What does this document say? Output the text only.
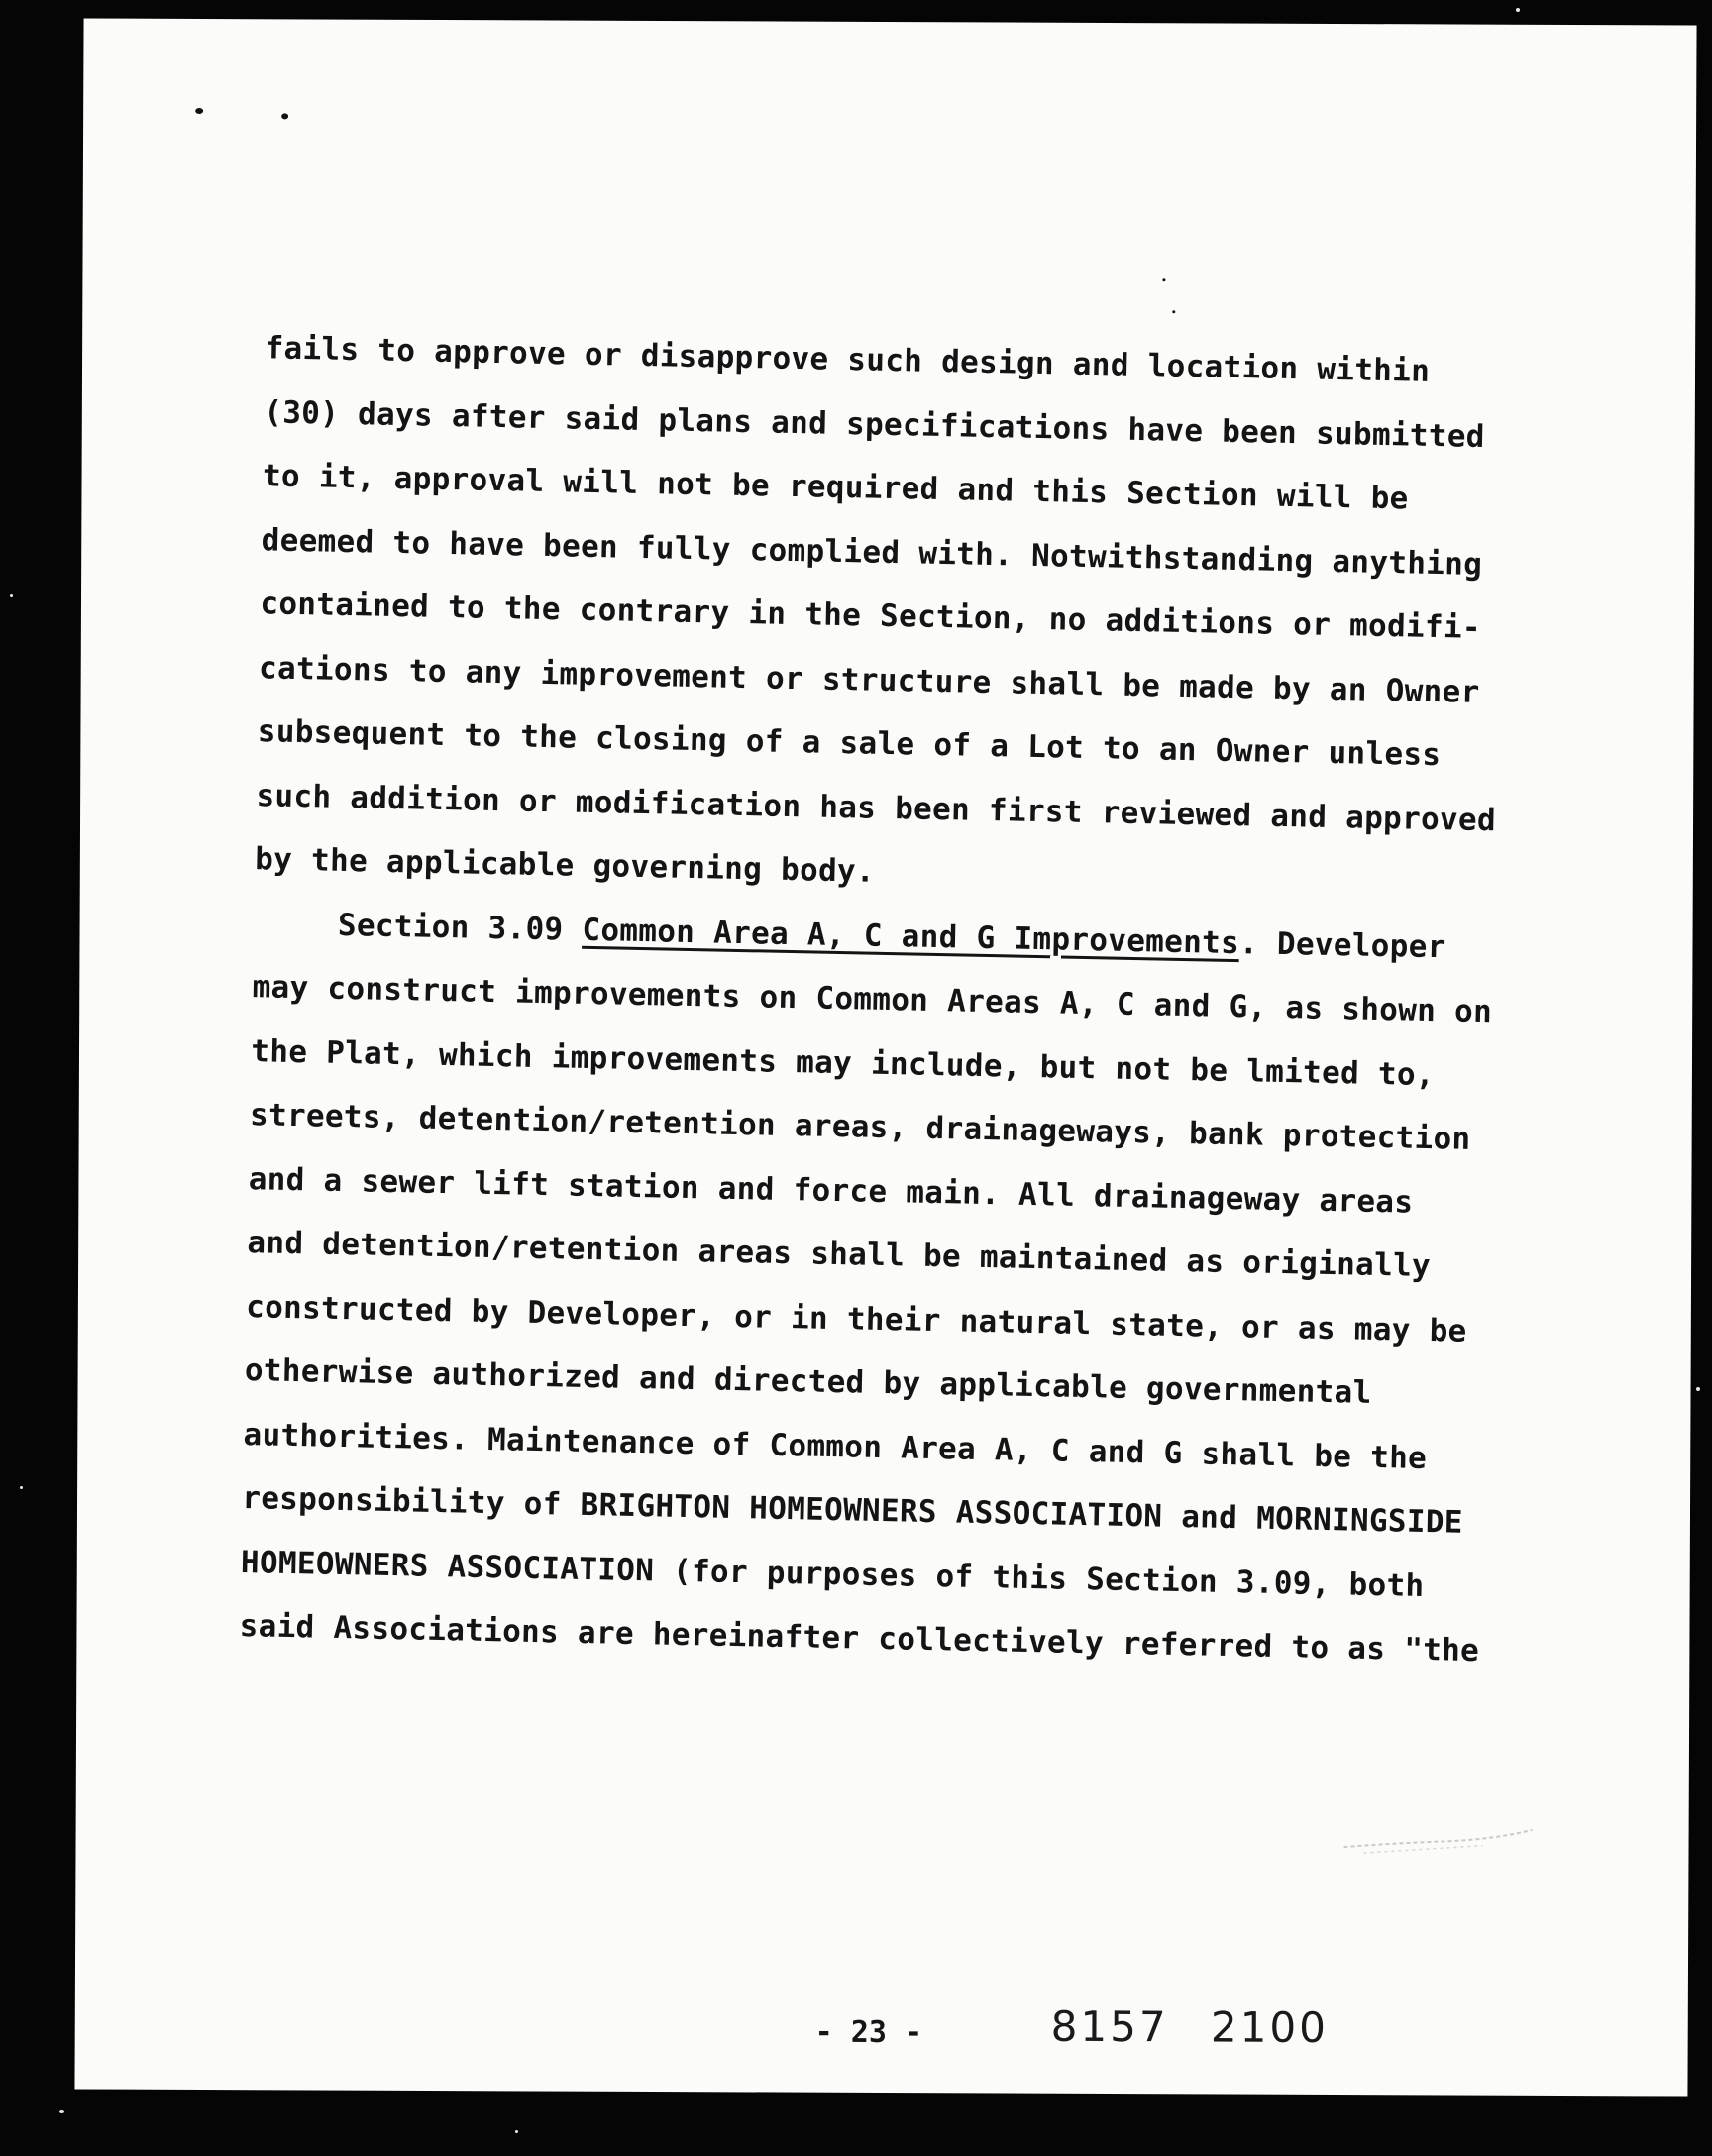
fails to approve or disapprove such design and location within
(30) days after said plans and specifications have been submitted
to it, approval will not be required and this Section will be
deemed to have been fully complied with. Notwithstanding anything
contained to the contrary in the Section, no additions or modifi-
cations to any improvement or structure shall be made by an Owner
subsequent to the closing of a sale of a Lot to an Owner unless
such addition or modification has been first reviewed and approved
by the applicable governing body.
Section 3.09 Common Area A, C and G Improvements. Developer
may construct improvements on Common Areas A, C and G, as shown on
the Plat, which improvements may include, but not be lmited to,
streets, detention/retention areas, drainageways, bank protection
and a sewer lift station and force main. All drainageway areas
and detention/retention areas shall be maintained as originally
constructed by Developer, or in their natural state, or as may be
otherwise authorized and directed by applicable governmental
authorities. Maintenance of Common Area A, C and G shall be the
responsibility of BRIGHTON HOMEOWNERS ASSOCIATION and MORNINGSIDE
HOMEOWNERS ASSOCIATION (for purposes of this Section 3.09, both
said Associations are hereinafter collectively referred to as "the
- 23 -	8157 2100
